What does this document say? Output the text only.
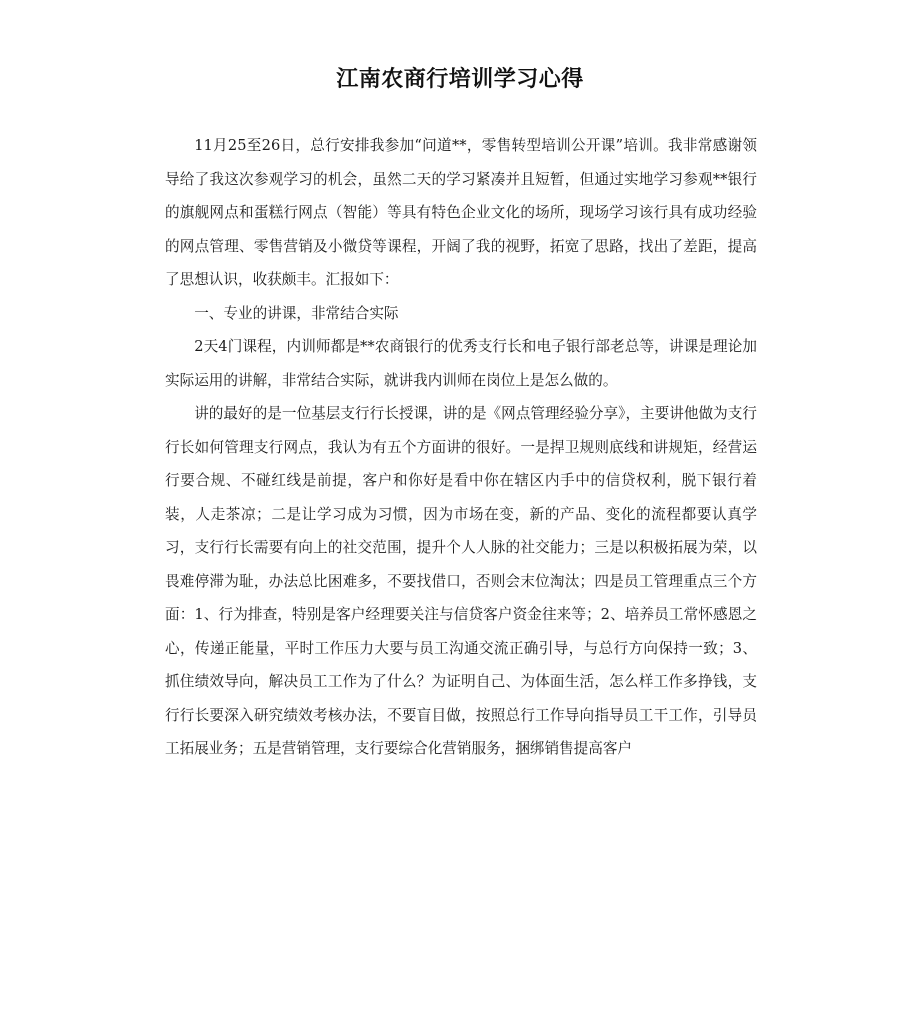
江南农商行培训学习心得

11月25至26日，总行安排我参加“问道**，零售转型培训公开课”培训。我非常感谢领导给了我这次参观学习的机会，虽然二天的学习紧凑并且短暂，但通过实地学习参观**银行的旗舰网点和蛋糕行网点（智能）等具有特色企业文化的场所，现场学习该行具有成功经验的网点管理、零售营销及小微贷等课程，开阔了我的视野，拓宽了思路，找出了差距，提高了思想认识，收获颇丰。汇报如下：

一、专业的讲课，非常结合实际

2天4门课程，内训师都是**农商银行的优秀支行长和电子银行部老总等，讲课是理论加实际运用的讲解，非常结合实际，就讲我内训师在岗位上是怎么做的。

讲的最好的是一位基层支行行长授课，讲的是《网点管理经验分享》，主要讲他做为支行行长如何管理支行网点，我认为有五个方面讲的很好。一是捍卫规则底线和讲规矩，经营运行要合规、不碰红线是前提，客户和你好是看中你在辖区内手中的信贷权利，脱下银行着装，人走茶凉；二是让学习成为习惯，因为市场在变，新的产品、变化的流程都要认真学习，支行行长需要有向上的社交范围，提升个人人脉的社交能力；三是以积极拓展为荣，以畏难停滞为耻，办法总比困难多，不要找借口，否则会末位淘汰；四是员工管理重点三个方面：1、行为排查，特别是客户经理要关注与信贷客户资金往来等；2、培养员工常怀感恩之心，传递正能量，平时工作压力大要与员工沟通交流正确引导，与总行方向保持一致；3、抓住绩效导向，解决员工工作为了什么？为证明自己、为体面生活，怎么样工作多挣钱，支行行长要深入研究绩效考核办法，不要盲目做，按照总行工作导向指导员工干工作，引导员工拓展业务；五是营销管理，支行要综合化营销服务，捆绑销售提高客户
